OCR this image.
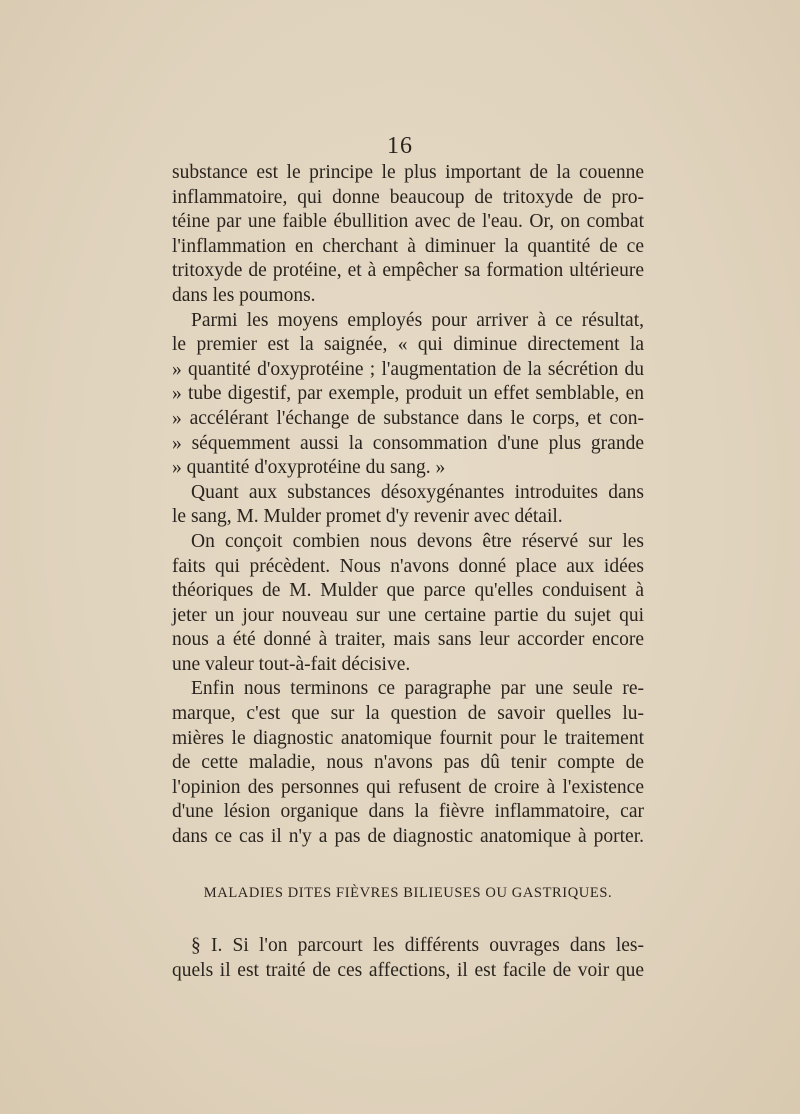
16

substance est le principe le plus important de la couenne
inflammatoire, qui donne beaucoup de tritoxyde de pro-
téine par une faible ébullition avec de l'eau. Or, on combat
l'inflammation en cherchant à diminuer la quantité de ce
tritoxyde de protéine, et à empêcher sa formation ultérieure
dans les poumons.

Parmi les moyens employés pour arriver à ce résultat,
le premier est la saignée, « qui diminue directement la
» quantité d'oxyprotéine ; l'augmentation de la sécrétion du
» tube digestif, par exemple, produit un effet semblable, en
» accélérant l'échange de substance dans le corps, et con-
» séquemment aussi la consommation d'une plus grande
» quantité d'oxyprotéine du sang. »

Quant aux substances désoxygénantes introduites dans
le sang, M. Mulder promet d'y revenir avec détail.

On conçoit combien nous devons être réservé sur les
faits qui précèdent. Nous n'avons donné place aux idées
théoriques de M. Mulder que parce qu'elles conduisent à
jeter un jour nouveau sur une certaine partie du sujet qui
nous a été donné à traiter, mais sans leur accorder encore
une valeur tout-à-fait décisive.

Enfin nous terminons ce paragraphe par une seule re-
marque, c'est que sur la question de savoir quelles lu-
mières le diagnostic anatomique fournit pour le traitement
de cette maladie, nous n'avons pas dû tenir compte de
l'opinion des personnes qui refusent de croire à l'existence
d'une lésion organique dans la fièvre inflammatoire, car
dans ce cas il n'y a pas de diagnostic anatomique à porter.

MALADIES DITES FIÈVRES BILIEUSES OU GASTRIQUES.

§ I. Si l'on parcourt les différents ouvrages dans les-
quels il est traité de ces affections, il est facile de voir que
